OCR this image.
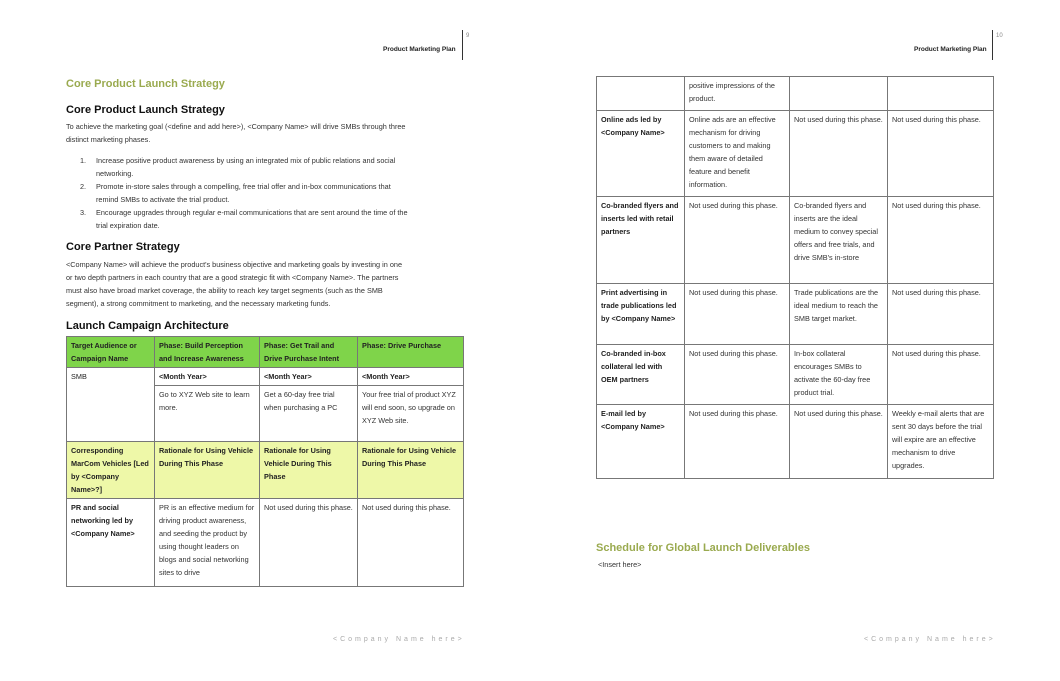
Product Marketing Plan
9
Core Product Launch Strategy
Core Product Launch Strategy
To achieve the marketing goal (<define and add here>), <Company Name> will drive SMBs through three
distinct marketing phases.
1. Increase positive product awareness by using an integrated mix of public relations and social
networking.
2. Promote in-store sales through a compelling, free trial offer and in-box communications that
remind SMBs to activate the trial product.
3. Encourage upgrades through regular e-mail communications that are sent around the time of the
trial expiration date.
Core Partner Strategy
<Company Name> will achieve the product's business objective and marketing goals by investing in one
or two depth partners in each country that are a good strategic fit with <Company Name>. The partners
must also have broad market coverage, the ability to reach key target segments (such as the SMB
segment), a strong commitment to marketing, and the necessary marketing funds.
Launch Campaign Architecture
Target Audience or Campaign Name	Phase: Build Perception and Increase Awareness	Phase: Get Trail and Drive Purchase Intent	Phase: Drive Purchase
SMB	<Month Year>	<Month Year>	<Month Year>
	Go to XYZ Web site to learn more.	Get a 60-day free trial when purchasing a PC	Your free trial of product XYZ will end soon, so upgrade on XYZ Web site.
Corresponding MarCom Vehicles [Led by <Company Name>?]	Rationale for Using Vehicle During This Phase	Rationale for Using Vehicle During This Phase	Rationale for Using Vehicle During This Phase
PR and social networking led by <Company Name>	PR is an effective medium for driving product awareness, and seeding the product by using thought leaders on blogs and social networking sites to drive	Not used during this phase.	Not used during this phase.
<Company Name here>
Product Marketing Plan
10
	positive impressions of the product.		
Online ads led by <Company Name>	Online ads are an effective mechanism for driving customers to and making them aware of detailed feature and benefit information.	Not used during this phase.	Not used during this phase.
Co-branded flyers and inserts led with retail partners	Not used during this phase.	Co-branded flyers and inserts are the ideal medium to convey special offers and free trials, and drive SMB's in-store	Not used during this phase.
Print advertising in trade publications led by <Company Name>	Not used during this phase.	Trade publications are the ideal medium to reach the SMB target market.	Not used during this phase.
Co-branded in-box collateral led with OEM partners	Not used during this phase.	In-box collateral encourages SMBs to activate the 60-day free product trial.	Not used during this phase.
E-mail led by <Company Name>	Not used during this phase.	Not used during this phase.	Weekly e-mail alerts that are sent 30 days before the trial will expire are an effective mechanism to drive upgrades.
Schedule for Global Launch Deliverables
<Insert here>
<Company Name here>
